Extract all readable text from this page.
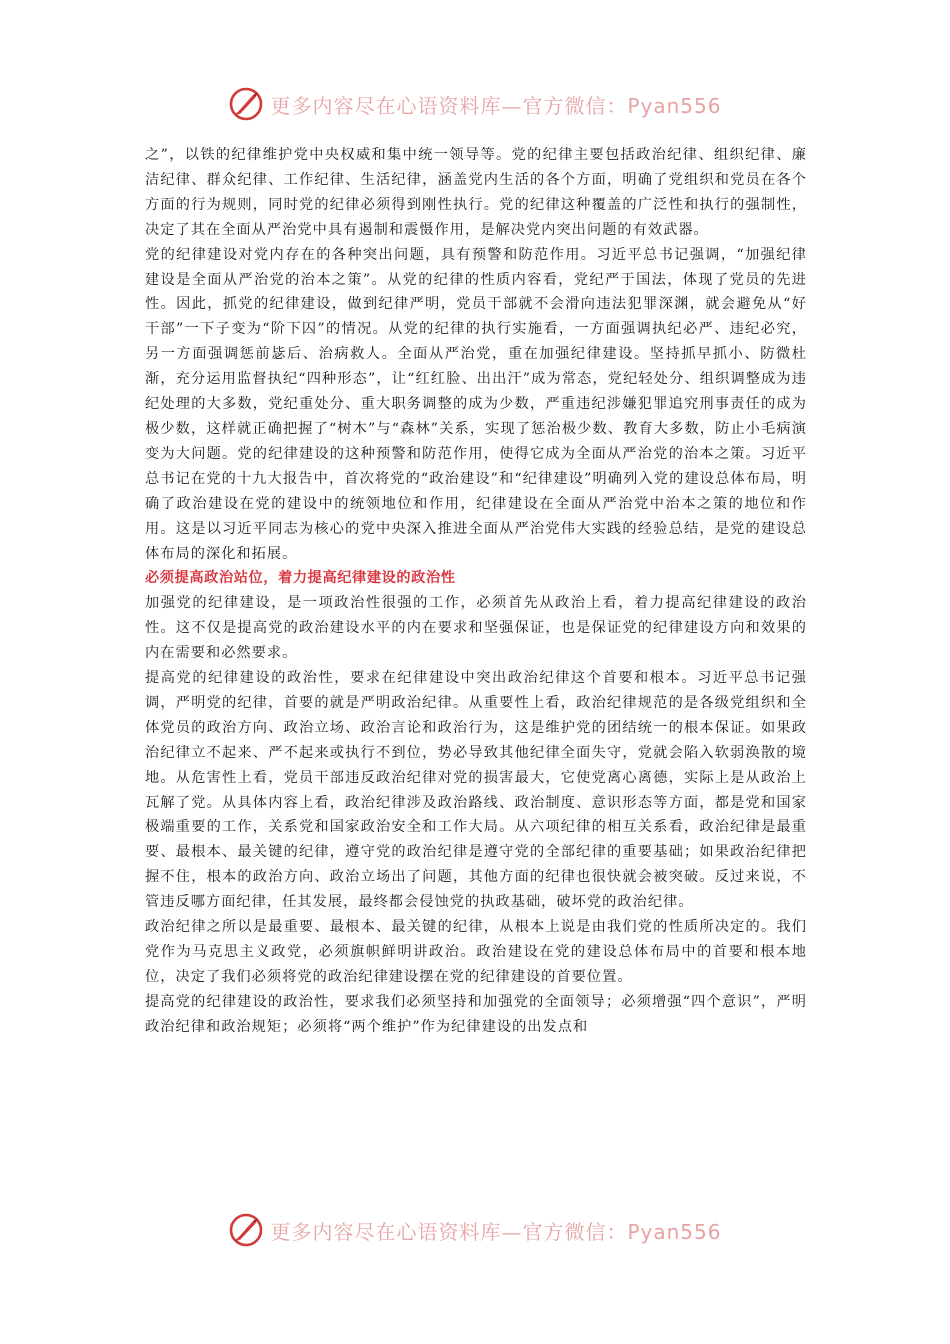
更多内容尽在心语资料库—官方微信：Pyan556

之”，以铁的纪律维护党中央权威和集中统一领导等。党的纪律主要包括政治纪律、组织纪律、廉洁纪律、群众纪律、工作纪律、生活纪律，涵盖党内生活的各个方面，明确了党组织和党员在各个方面的行为规则，同时党的纪律必须得到刚性执行。党的纪律这种覆盖的广泛性和执行的强制性，决定了其在全面从严治党中具有遏制和震慑作用，是解决党内突出问题的有效武器。

党的纪律建设对党内存在的各种突出问题，具有预警和防范作用。习近平总书记强调，“加强纪律建设是全面从严治党的治本之策”。从党的纪律的性质内容看，党纪严于国法，体现了党员的先进性。因此，抓党的纪律建设，做到纪律严明，党员干部就不会滑向违法犯罪深渊，就会避免从“好干部”一下子变为“阶下囚”的情况。从党的纪律的执行实施看，一方面强调执纪必严、违纪必究，另一方面强调惩前毖后、治病救人。全面从严治党，重在加强纪律建设。坚持抓早抓小、防微杜渐，充分运用监督执纪“四种形态”，让“红红脸、出出汗”成为常态，党纪轻处分、组织调整成为违纪处理的大多数，党纪重处分、重大职务调整的成为少数，严重违纪涉嫌犯罪追究刑事责任的成为极少数，这样就正确把握了“树木”与“森林”关系，实现了惩治极少数、教育大多数，防止小毛病演变为大问题。党的纪律建设的这种预警和防范作用，使得它成为全面从严治党的治本之策。习近平总书记在党的十九大报告中，首次将党的“政治建设”和“纪律建设”明确列入党的建设总体布局，明确了政治建设在党的建设中的统领地位和作用，纪律建设在全面从严治党中治本之策的地位和作用。这是以习近平同志为核心的党中央深入推进全面从严治党伟大实践的经验总结，是党的建设总体布局的深化和拓展。

必须提高政治站位，着力提高纪律建设的政治性

加强党的纪律建设，是一项政治性很强的工作，必须首先从政治上看，着力提高纪律建设的政治性。这不仅是提高党的政治建设水平的内在要求和坚强保证，也是保证党的纪律建设方向和效果的内在需要和必然要求。

提高党的纪律建设的政治性，要求在纪律建设中突出政治纪律这个首要和根本。习近平总书记强调，严明党的纪律，首要的就是严明政治纪律。从重要性上看，政治纪律规范的是各级党组织和全体党员的政治方向、政治立场、政治言论和政治行为，这是维护党的团结统一的根本保证。如果政治纪律立不起来、严不起来或执行不到位，势必导致其他纪律全面失守，党就会陷入软弱涣散的境地。从危害性上看，党员干部违反政治纪律对党的损害最大，它使党离心离德，实际上是从政治上瓦解了党。从具体内容上看，政治纪律涉及政治路线、政治制度、意识形态等方面，都是党和国家极端重要的工作，关系党和国家政治安全和工作大局。从六项纪律的相互关系看，政治纪律是最重要、最根本、最关键的纪律，遵守党的政治纪律是遵守党的全部纪律的重要基础；如果政治纪律把握不住，根本的政治方向、政治立场出了问题，其他方面的纪律也很快就会被突破。反过来说，不管违反哪方面纪律，任其发展，最终都会侵蚀党的执政基础，破坏党的政治纪律。

政治纪律之所以是最重要、最根本、最关键的纪律，从根本上说是由我们党的性质所决定的。我们党作为马克思主义政党，必须旗帜鲜明讲政治。政治建设在党的建设总体布局中的首要和根本地位，决定了我们必须将党的政治纪律建设摆在党的纪律建设的首要位置。

提高党的纪律建设的政治性，要求我们必须坚持和加强党的全面领导；必须增强“四个意识”，严明政治纪律和政治规矩；必须将“两个维护”作为纪律建设的出发点和

更多内容尽在心语资料库—官方微信：Pyan556
